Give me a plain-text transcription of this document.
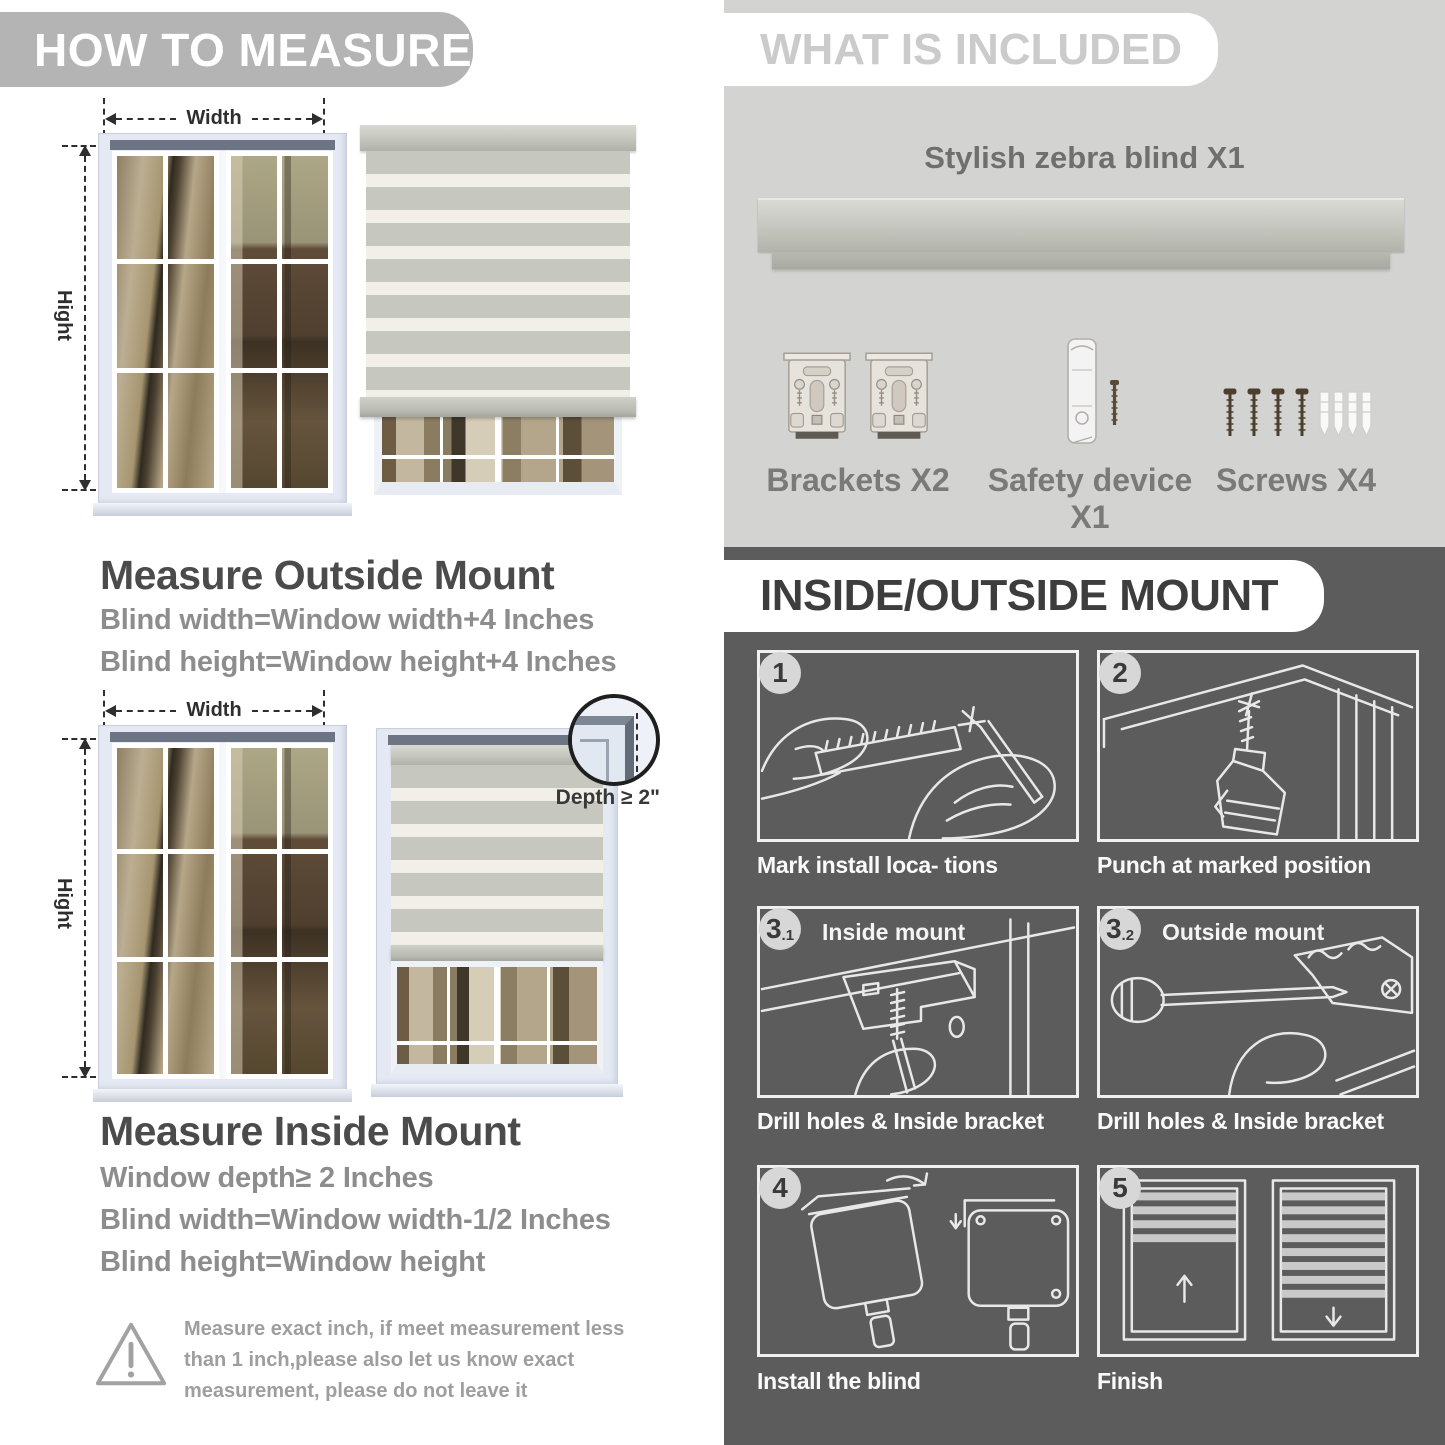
HOW TO MEASURE
Width
Hight
Measure Outside Mount
Blind width=Window width+4 Inches
Blind height=Window height+4 Inches
Width
Hight
Depth ≥ 2"
Measure Inside Mount
Window depth≥ 2 Inches
Blind width=Window width-1/2 Inches
Blind height=Window height
Measure exact inch, if meet measurement less than 1 inch,please also let us know exact measurement, please do not leave it
WHAT IS INCLUDED
Stylish zebra blind X1
Brackets X2 Safety device X1
Screws X4
INSIDE/OUTSIDE MOUNT
1
Mark install loca- tions
2
Punch at marked position
3 .1 Inside mount
Drill holes & Inside bracket
3 .2 Outside mount
Drill holes & Inside bracket
4
Install the blind
5
Finish
